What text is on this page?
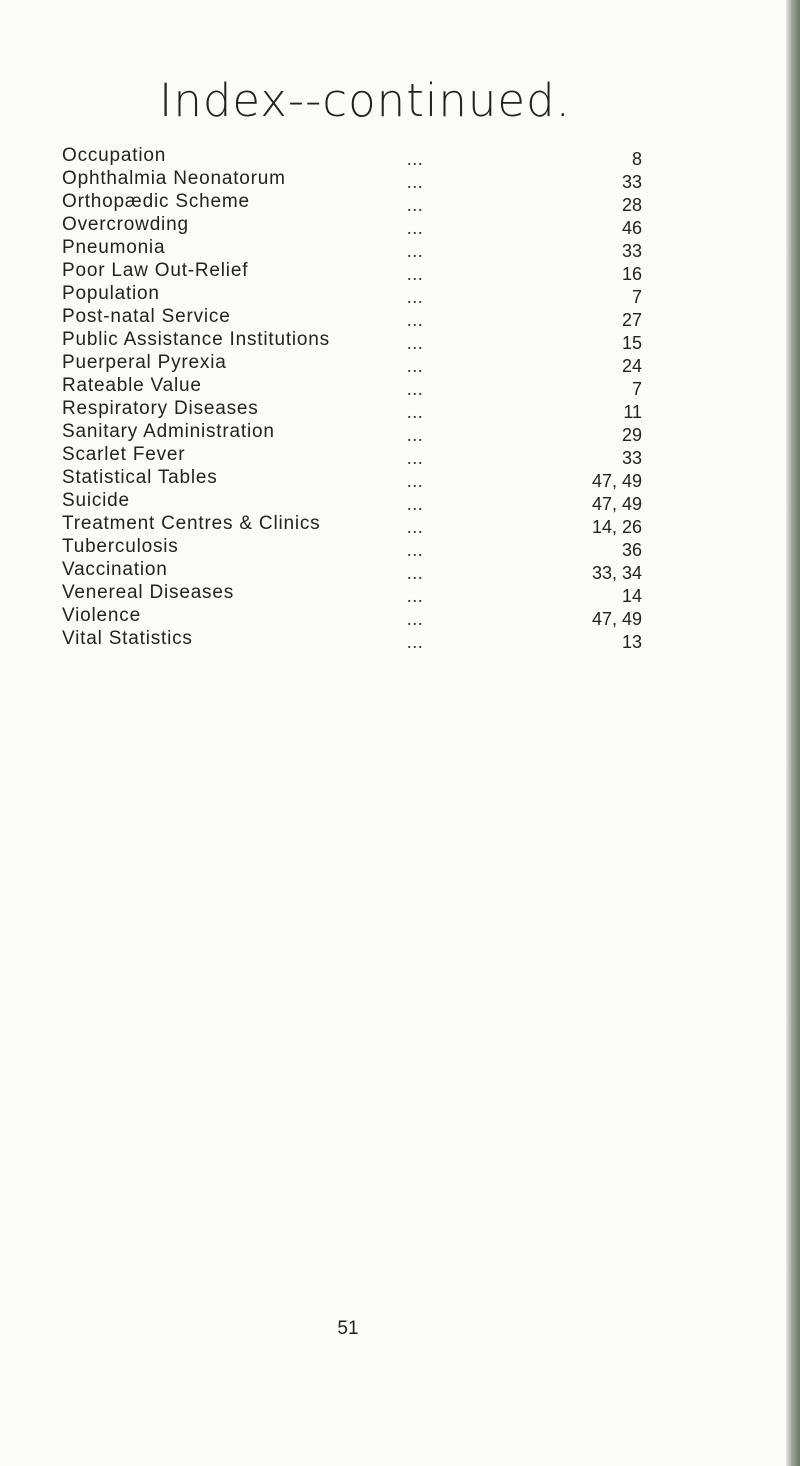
Index--continued.
Occupation	...	8
Ophthalmia Neonatorum	...	33
Orthopædic Scheme	...	28
Overcrowding	...	46
Pneumonia	...	33
Poor Law Out-Relief	...	16
Population	...	7
Post-natal Service	...	27
Public Assistance Institutions	...	15
Puerperal Pyrexia	...	24
Rateable Value	...	7
Respiratory Diseases	...	11
Sanitary Administration	...	29
Scarlet Fever	...	33
Statistical Tables	...	47, 49
Suicide	...	47, 49
Treatment Centres & Clinics	...	14, 26
Tuberculosis	...	36
Vaccination	...	33, 34
Venereal Diseases	...	14
Violence	...	47, 49
Vital Statistics	...	13
51
